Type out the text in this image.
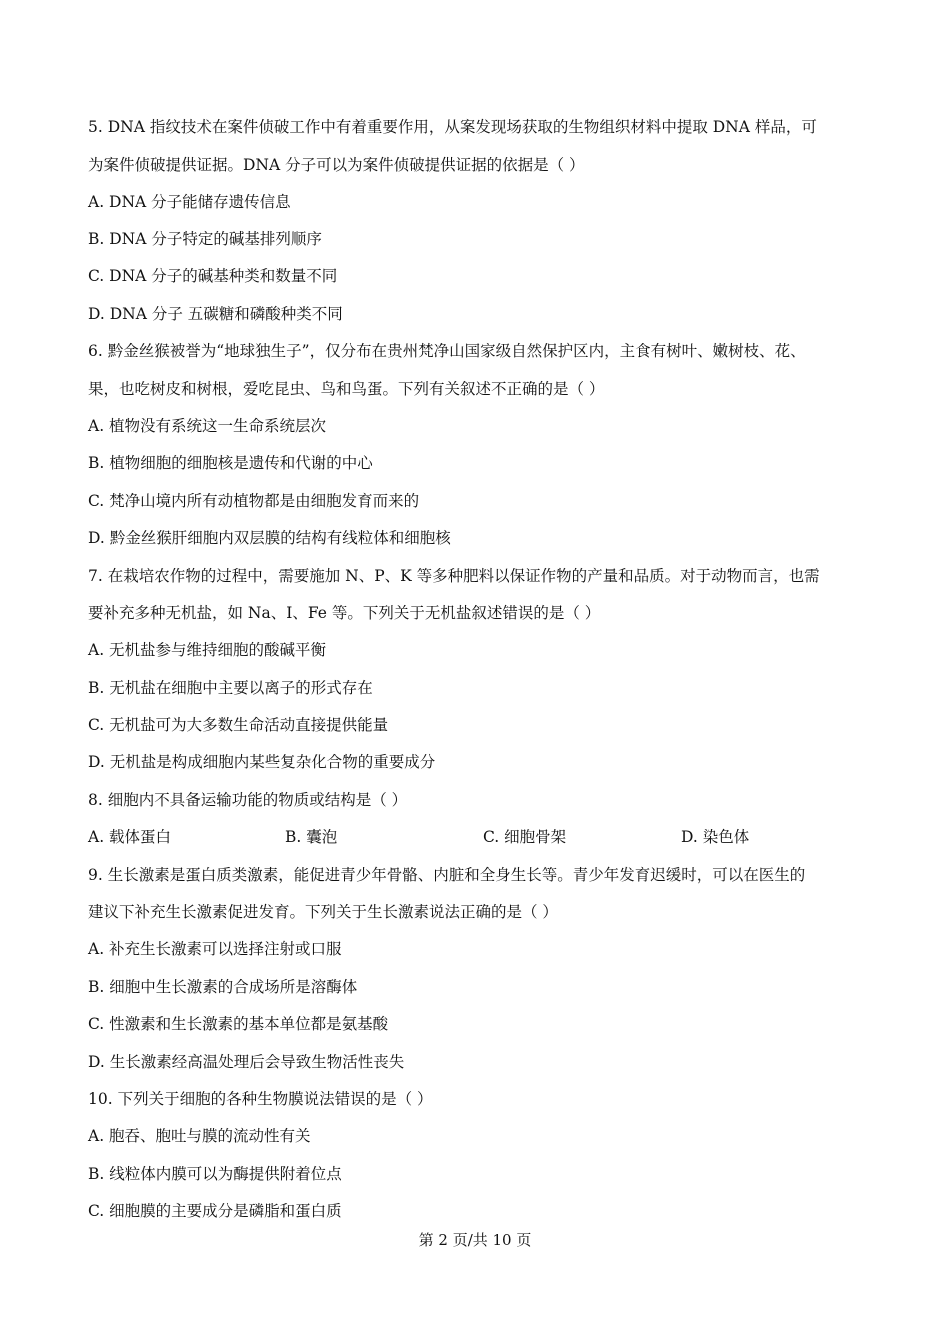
5. DNA 指纹技术在案件侦破工作中有着重要作用，从案发现场获取的生物组织材料中提取 DNA 样品，可
为案件侦破提供证据。DNA 分子可以为案件侦破提供证据的依据是（ ）
A. DNA 分子能储存遗传信息
B. DNA 分子特定的碱基排列顺序
C. DNA 分子的碱基种类和数量不同
D. DNA 分子 五碳糖和磷酸种类不同
6. 黔金丝猴被誉为“地球独生子”，仅分布在贵州梵净山国家级自然保护区内，主食有树叶、嫩树枝、花、
果，也吃树皮和树根，爱吃昆虫、鸟和鸟蛋。下列有关叙述不正确的是（ ）
A. 植物没有系统这一生命系统层次
B. 植物细胞的细胞核是遗传和代谢的中心
C. 梵净山境内所有动植物都是由细胞发育而来的
D. 黔金丝猴肝细胞内双层膜的结构有线粒体和细胞核
7. 在栽培农作物的过程中，需要施加 N、P、K 等多种肥料以保证作物的产量和品质。对于动物而言，也需
要补充多种无机盐，如 Na、I、Fe 等。下列关于无机盐叙述错误的是（ ）
A. 无机盐参与维持细胞的酸碱平衡
B. 无机盐在细胞中主要以离子的形式存在
C. 无机盐可为大多数生命活动直接提供能量
D. 无机盐是构成细胞内某些复杂化合物的重要成分
8. 细胞内不具备运输功能的物质或结构是（ ）
A. 载体蛋白	B. 囊泡	C. 细胞骨架	D. 染色体
9. 生长激素是蛋白质类激素，能促进青少年骨骼、内脏和全身生长等。青少年发育迟缓时，可以在医生的
建议下补充生长激素促进发育。下列关于生长激素说法正确的是（ ）
A. 补充生长激素可以选择注射或口服
B. 细胞中生长激素的合成场所是溶酶体
C. 性激素和生长激素的基本单位都是氨基酸
D. 生长激素经高温处理后会导致生物活性丧失
10. 下列关于细胞的各种生物膜说法错误的是（ ）
A. 胞吞、胞吐与膜的流动性有关
B. 线粒体内膜可以为酶提供附着位点
C. 细胞膜的主要成分是磷脂和蛋白质
第 2 页/共 10 页
